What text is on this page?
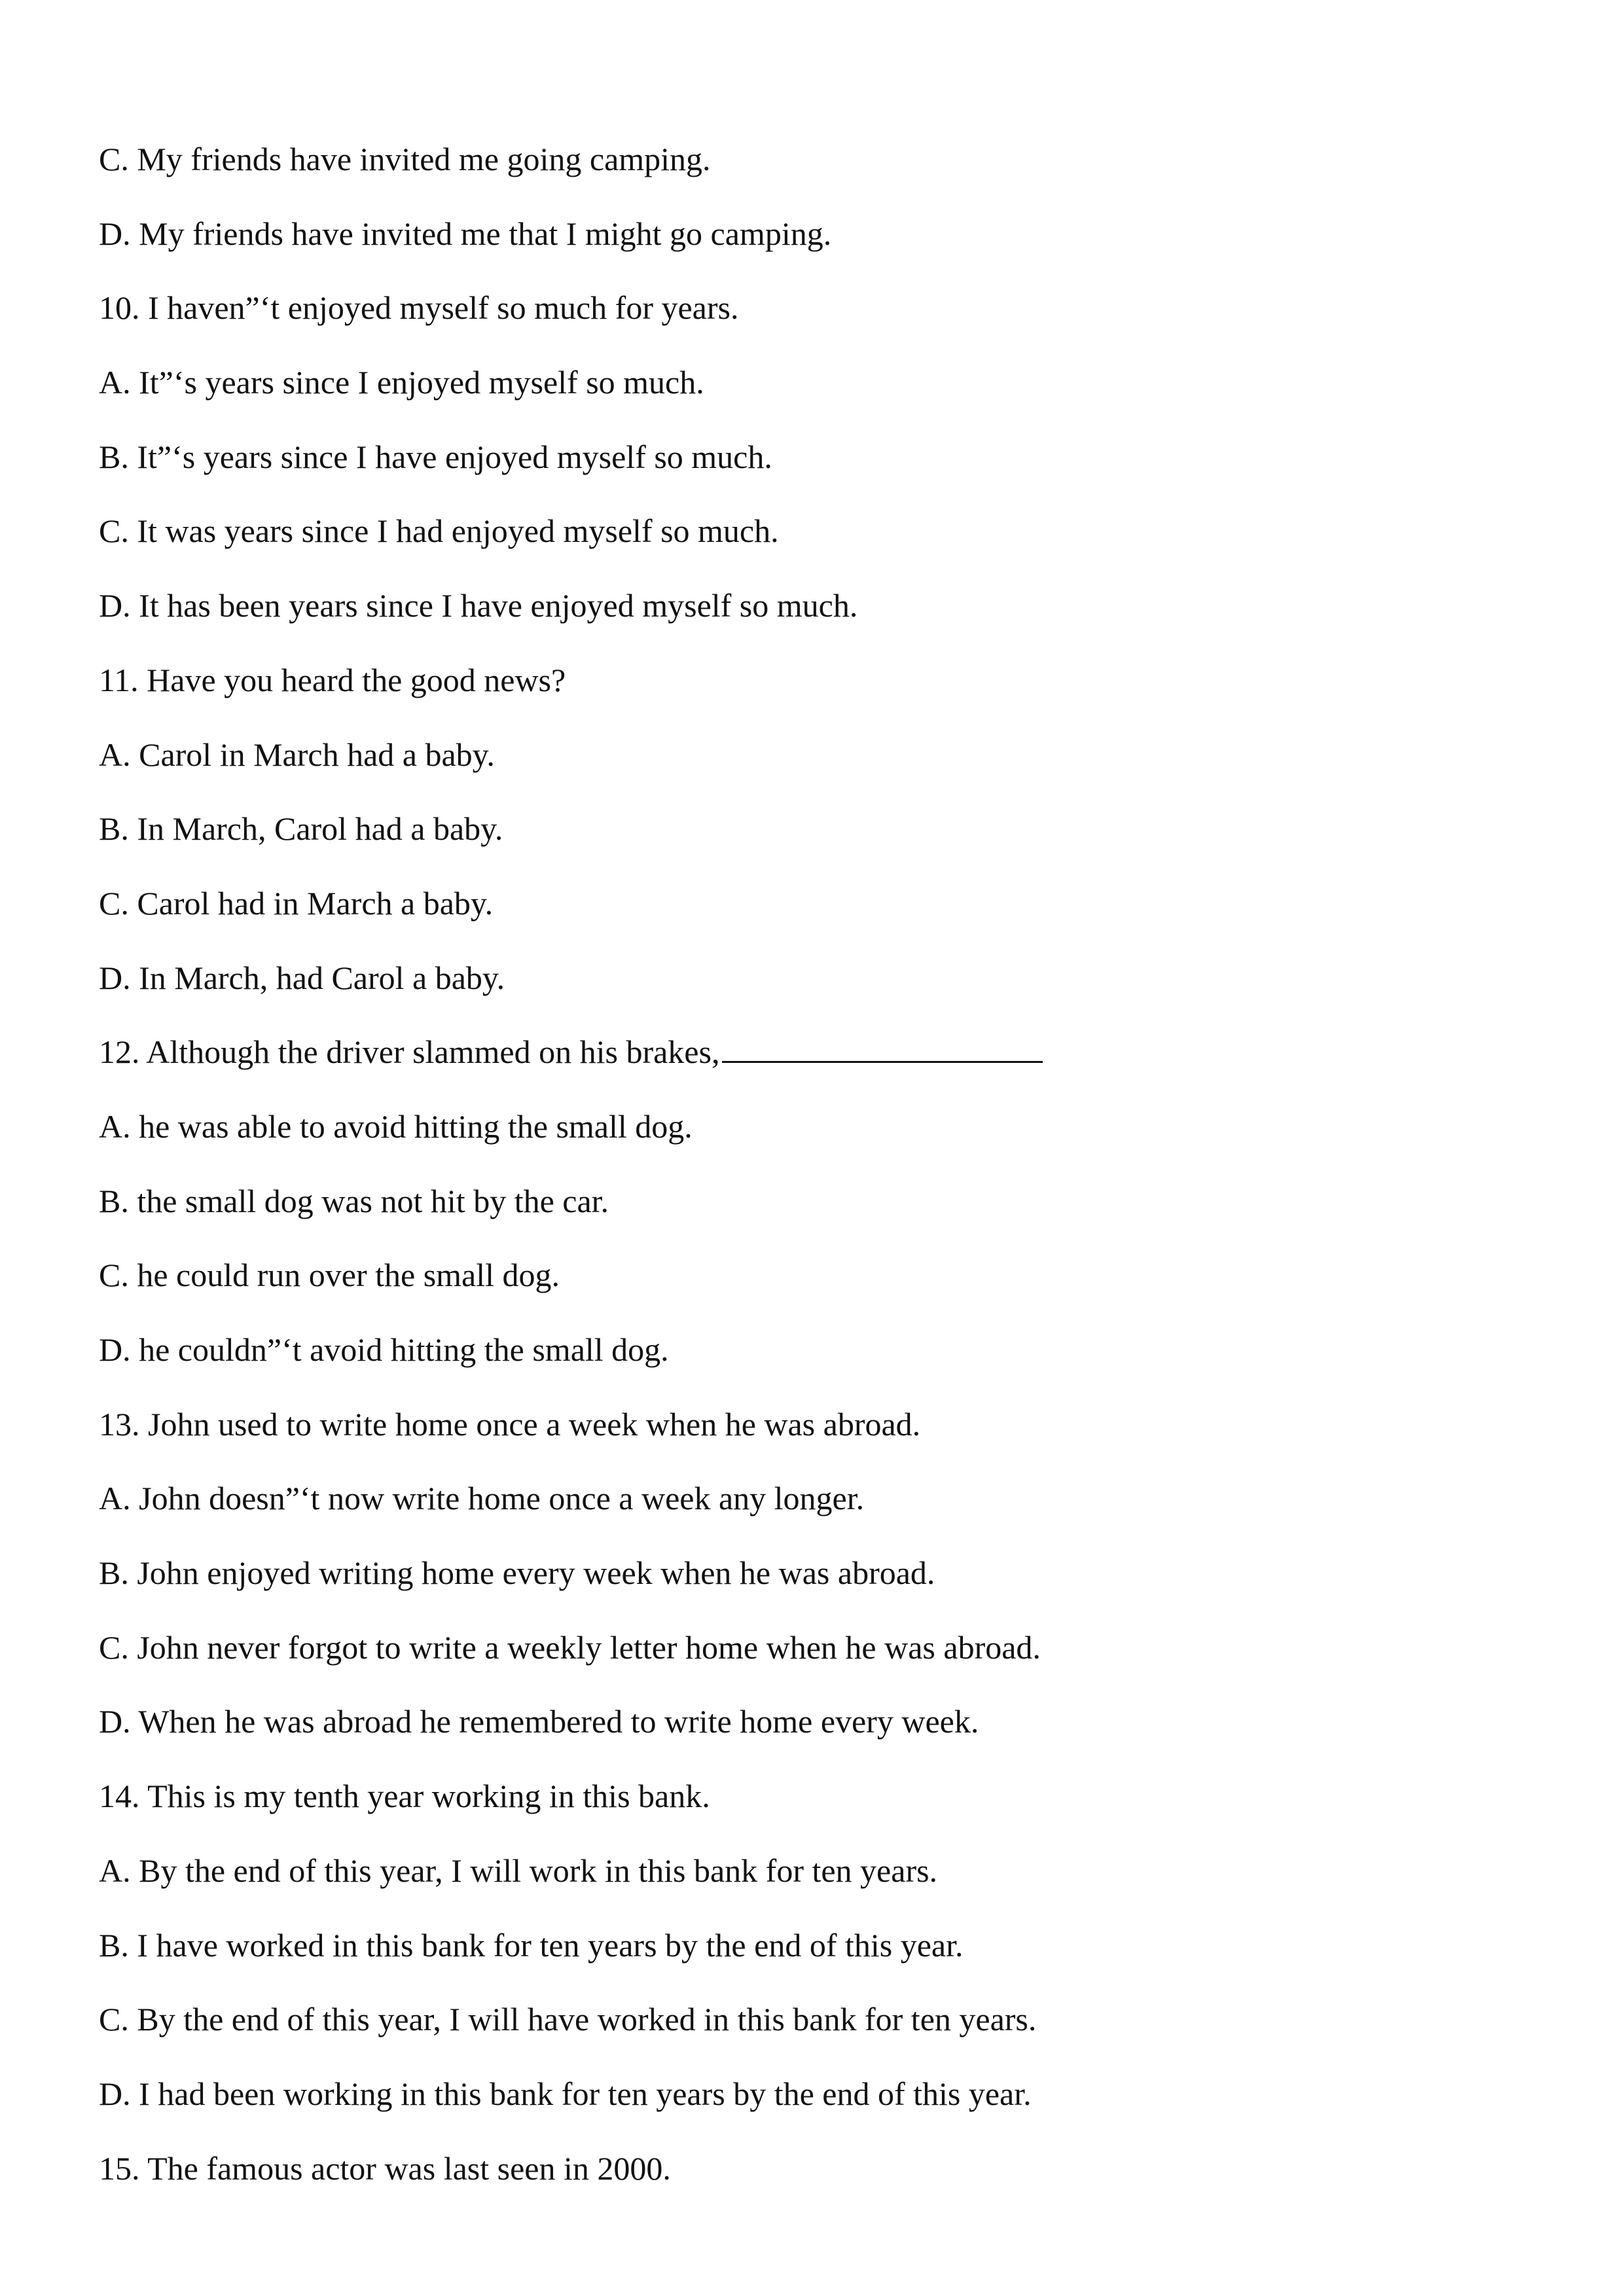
C. My friends have invited me going camping.
D. My friends have invited me that I might go camping.
10. I haven”‘t enjoyed myself so much for years.
A. It”‘s years since I enjoyed myself so much.
B. It”‘s years since I have enjoyed myself so much.
C. It was years since I had enjoyed myself so much.
D. It has been years since I have enjoyed myself so much.
11. Have you heard the good news?
A. Carol in March had a baby.
B. In March, Carol had a baby.
C. Carol had in March a baby.
D. In March, had Carol a baby.
12. Although the driver slammed on his brakes,
A. he was able to avoid hitting the small dog.
B. the small dog was not hit by the car.
C. he could run over the small dog.
D. he couldn”‘t avoid hitting the small dog.
13. John used to write home once a week when he was abroad.
A. John doesn”‘t now write home once a week any longer.
B. John enjoyed writing home every week when he was abroad.
C. John never forgot to write a weekly letter home when he was abroad.
D. When he was abroad he remembered to write home every week.
14. This is my tenth year working in this bank.
A. By the end of this year, I will work in this bank for ten years.
B. I have worked in this bank for ten years by the end of this year.
C. By the end of this year, I will have worked in this bank for ten years.
D. I had been working in this bank for ten years by the end of this year.
15. The famous actor was last seen in 2000.
